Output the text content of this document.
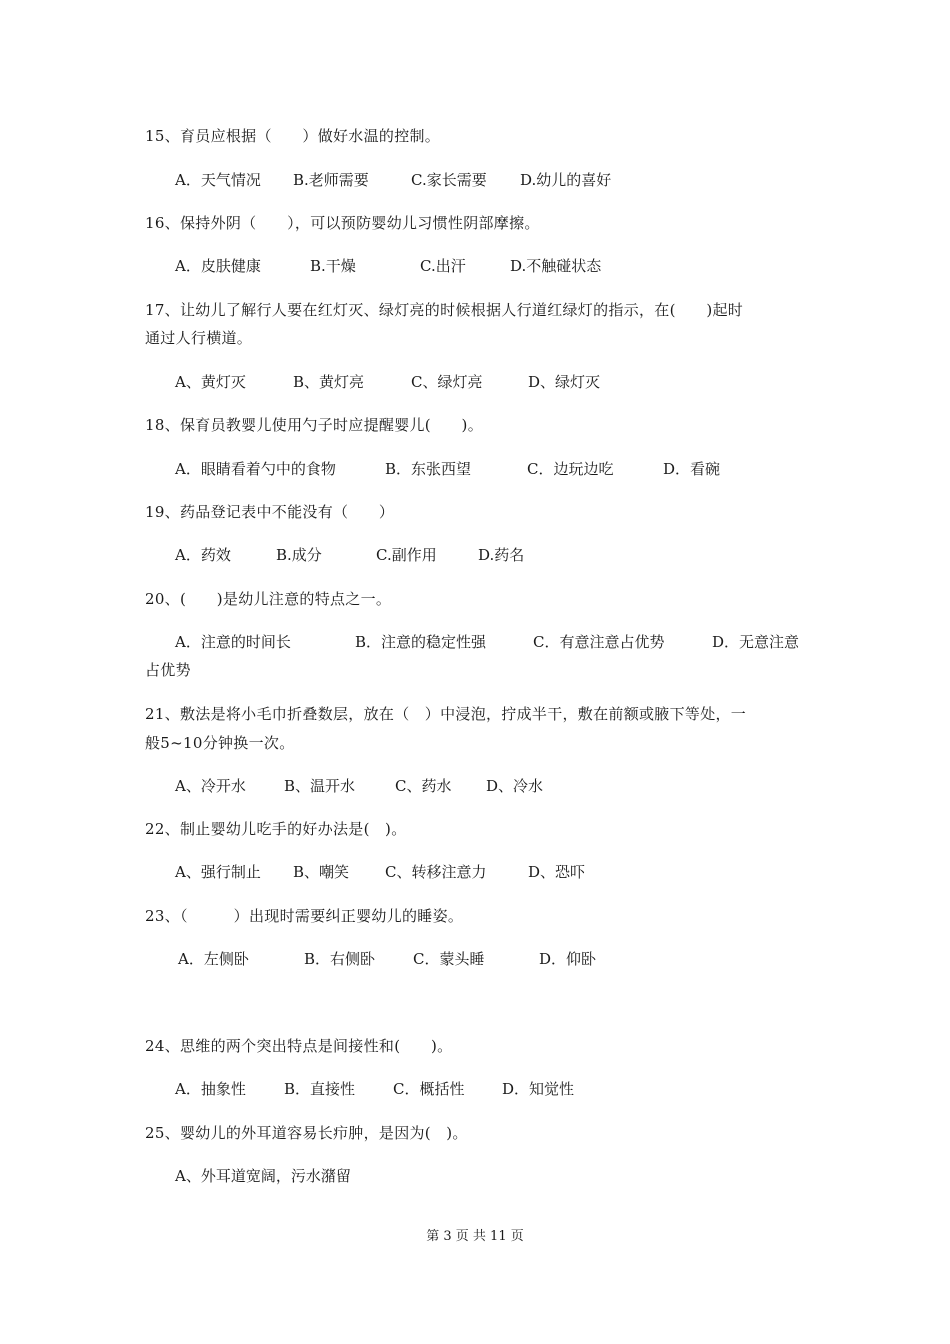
15、育员应根据（　　）做好水温的控制。
A．天气情况 B.老师需要	C.家长需要 D.幼儿的喜好
16、保持外阴（　　），可以预防婴幼儿习惯性阴部摩擦。
A．皮肤健康	B.干燥	C.出汗	D.不触碰状态
17、让幼儿了解行人要在红灯灭、绿灯亮的时候根据人行道红绿灯的指示，在(　　)起时
通过人行横道。
A、黄灯灭	B、黄灯亮	C、绿灯亮	D、绿灯灭
18、保育员教婴儿使用勺子时应提醒婴儿(　　)。
A．眼睛看着勺中的食物	B．东张西望	C．边玩边吃	D．看碗
19、药品登记表中不能没有（　　）
A．药效	B.成分	C.副作用	D.药名
20、(　　)是幼儿注意的特点之一。
A．注意的时间长	B．注意的稳定性强	C．有意注意占优势	D．无意注意
占优势
21、敷法是将小毛巾折叠数层，放在（　）中浸泡，拧成半干，敷在前额或腋下等处，一
般5~10分钟换一次。
A、冷开水	B、温开水	C、药水 D、冷水
22、制止婴幼儿吃手的好办法是(　)。
A、强行制止 B、嘲笑 C、转移注意力	D、恐吓
23、（　　　）出现时需要纠正婴幼儿的睡姿。
A．左侧卧	B．右侧卧	C．蒙头睡	D．仰卧
24、思维的两个突出特点是间接性和(　　)。
A．抽象性	B．直接性	C．概括性	D．知觉性
25、婴幼儿的外耳道容易长疖肿，是因为(　)。
A、外耳道宽阔，污水潴留
第 3 页 共 11 页
